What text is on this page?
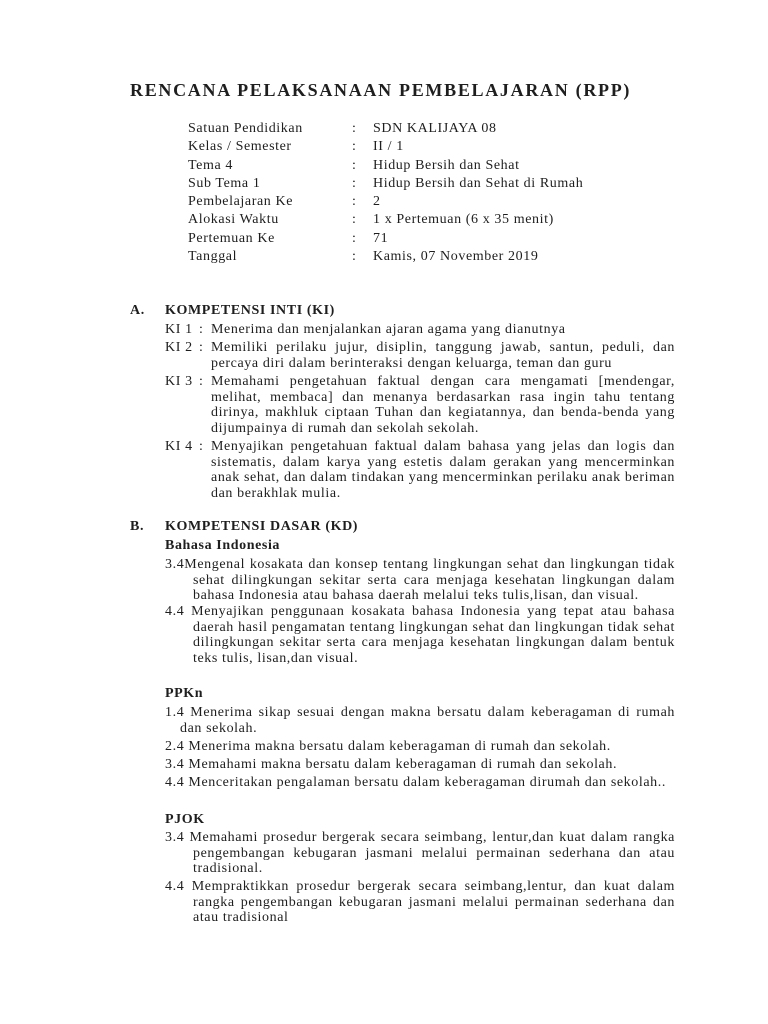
RENCANA PELAKSANAAN PEMBELAJARAN (RPP)
Satuan Pendidikan	:	SDN KALIJAYA 08
Kelas / Semester	:	II / 1
Tema 4	:	Hidup Bersih dan Sehat
Sub Tema 1	:	Hidup Bersih dan Sehat di Rumah
Pembelajaran Ke	:	2
Alokasi Waktu	:	1 x Pertemuan (6 x 35 menit)
Pertemuan Ke	:	71
Tanggal	:	Kamis, 07 November 2019
A.	KOMPETENSI INTI (KI)
KI 1 : Menerima dan menjalankan ajaran agama yang dianutnya
KI 2 : Memiliki perilaku jujur, disiplin, tanggung jawab, santun, peduli, dan percaya diri dalam berinteraksi dengan keluarga, teman dan guru
KI 3 : Memahami pengetahuan faktual dengan cara mengamati [mendengar, melihat, membaca] dan menanya berdasarkan rasa ingin tahu tentang dirinya, makhluk ciptaan Tuhan dan kegiatannya, dan benda-benda yang dijumpainya di rumah dan sekolah sekolah.
KI 4 : Menyajikan pengetahuan faktual dalam bahasa yang jelas dan logis dan sistematis, dalam karya yang estetis dalam gerakan yang mencerminkan anak sehat, dan dalam tindakan yang mencerminkan perilaku anak beriman dan berakhlak mulia.
B.	KOMPETENSI DASAR (KD)
Bahasa Indonesia

3.4Mengenal kosakata dan konsep tentang lingkungan sehat dan lingkungan tidak sehat dilingkungan sekitar serta cara menjaga kesehatan lingkungan dalam bahasa Indonesia atau bahasa daerah melalui teks tulis,lisan, dan visual.

4.4 Menyajikan penggunaan kosakata bahasa Indonesia yang tepat atau bahasa daerah hasil pengamatan tentang lingkungan sehat dan lingkungan tidak sehat dilingkungan sekitar serta cara menjaga kesehatan lingkungan dalam bentuk teks tulis, lisan,dan visual.

PPKn

1.4 Menerima sikap sesuai dengan makna bersatu dalam keberagaman di rumah dan sekolah.

2.4 Menerima makna bersatu dalam keberagaman di rumah dan sekolah.

3.4 Memahami makna bersatu dalam keberagaman di rumah dan sekolah.

4.4 Menceritakan pengalaman bersatu dalam keberagaman dirumah dan sekolah..

PJOK

3.4 Memahami prosedur bergerak secara seimbang, lentur,dan kuat dalam rangka pengembangan kebugaran jasmani melalui permainan sederhana dan atau tradisional.

4.4 Mempraktikkan prosedur bergerak secara seimbang,lentur, dan kuat dalam rangka pengembangan kebugaran jasmani melalui permainan sederhana dan atau tradisional
